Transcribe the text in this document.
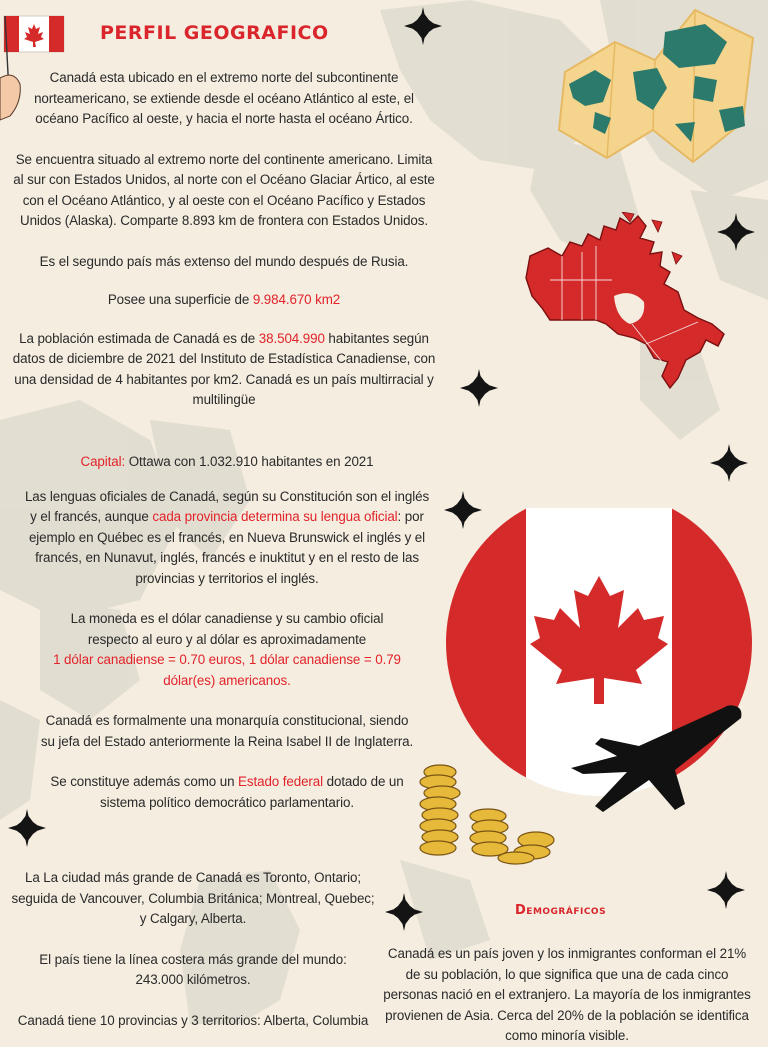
PERFIL GEOGRAFICO

Canadá esta ubicado en el extremo norte del subcontinente norteamericano, se extiende desde el océano Atlántico al este, el océano Pacífico al oeste, y hacia el norte hasta el océano Ártico.

Se encuentra situado al extremo norte del continente americano. Limita al sur con Estados Unidos, al norte con el Océano Glaciar Ártico, al este con el Océano Atlántico, y al oeste con el Océano Pacífico y Estados Unidos (Alaska). Comparte 8.893 km de frontera con Estados Unidos.

Es el segundo país más extenso del mundo después de Rusia.

Posee una superficie de 9.984.670 km2

La población estimada de Canadá es de 38.504.990 habitantes según datos de diciembre de 2021 del Instituto de Estadística Canadiense, con una densidad de 4 habitantes por km2. Canadá es un país multirracial y multilingüe

Capital: Ottawa con 1.032.910 habitantes en 2021

Las lenguas oficiales de Canadá, según su Constitución son el inglés y el francés, aunque cada provincia determina su lengua oficial: por ejemplo en Québec es el francés, en Nueva Brunswick el inglés y el francés, en Nunavut, inglés, francés e inuktitut y en el resto de las provincias y territorios el inglés.

La moneda es el dólar canadiense y su cambio oficial respecto al euro y al dólar es aproximadamente

1 dólar canadiense = 0.70 euros, 1 dólar canadiense = 0.79 dólar(es) americanos.

Canadá es formalmente una monarquía constitucional, siendo su jefa del Estado anteriormente la Reina Isabel II de Inglaterra.

Se constituye además como un Estado federal dotado de un sistema político democrático parlamentario.

La La ciudad más grande de Canadá es Toronto, Ontario; seguida de Vancouver, Columbia Británica; Montreal, Quebec; y Calgary, Alberta.

El país tiene la línea costera más grande del mundo: 243.000 kilómetros.

Canadá tiene 10 provincias y 3 territorios: Alberta, Columbia

Demográficos
Canadá es un país joven y los inmigrantes conforman el 21% de su población, lo que significa que una de cada cinco personas nació en el extranjero. La mayoría de los inmigrantes provienen de Asia. Cerca del 20% de la población se identifica como minoría visible.
